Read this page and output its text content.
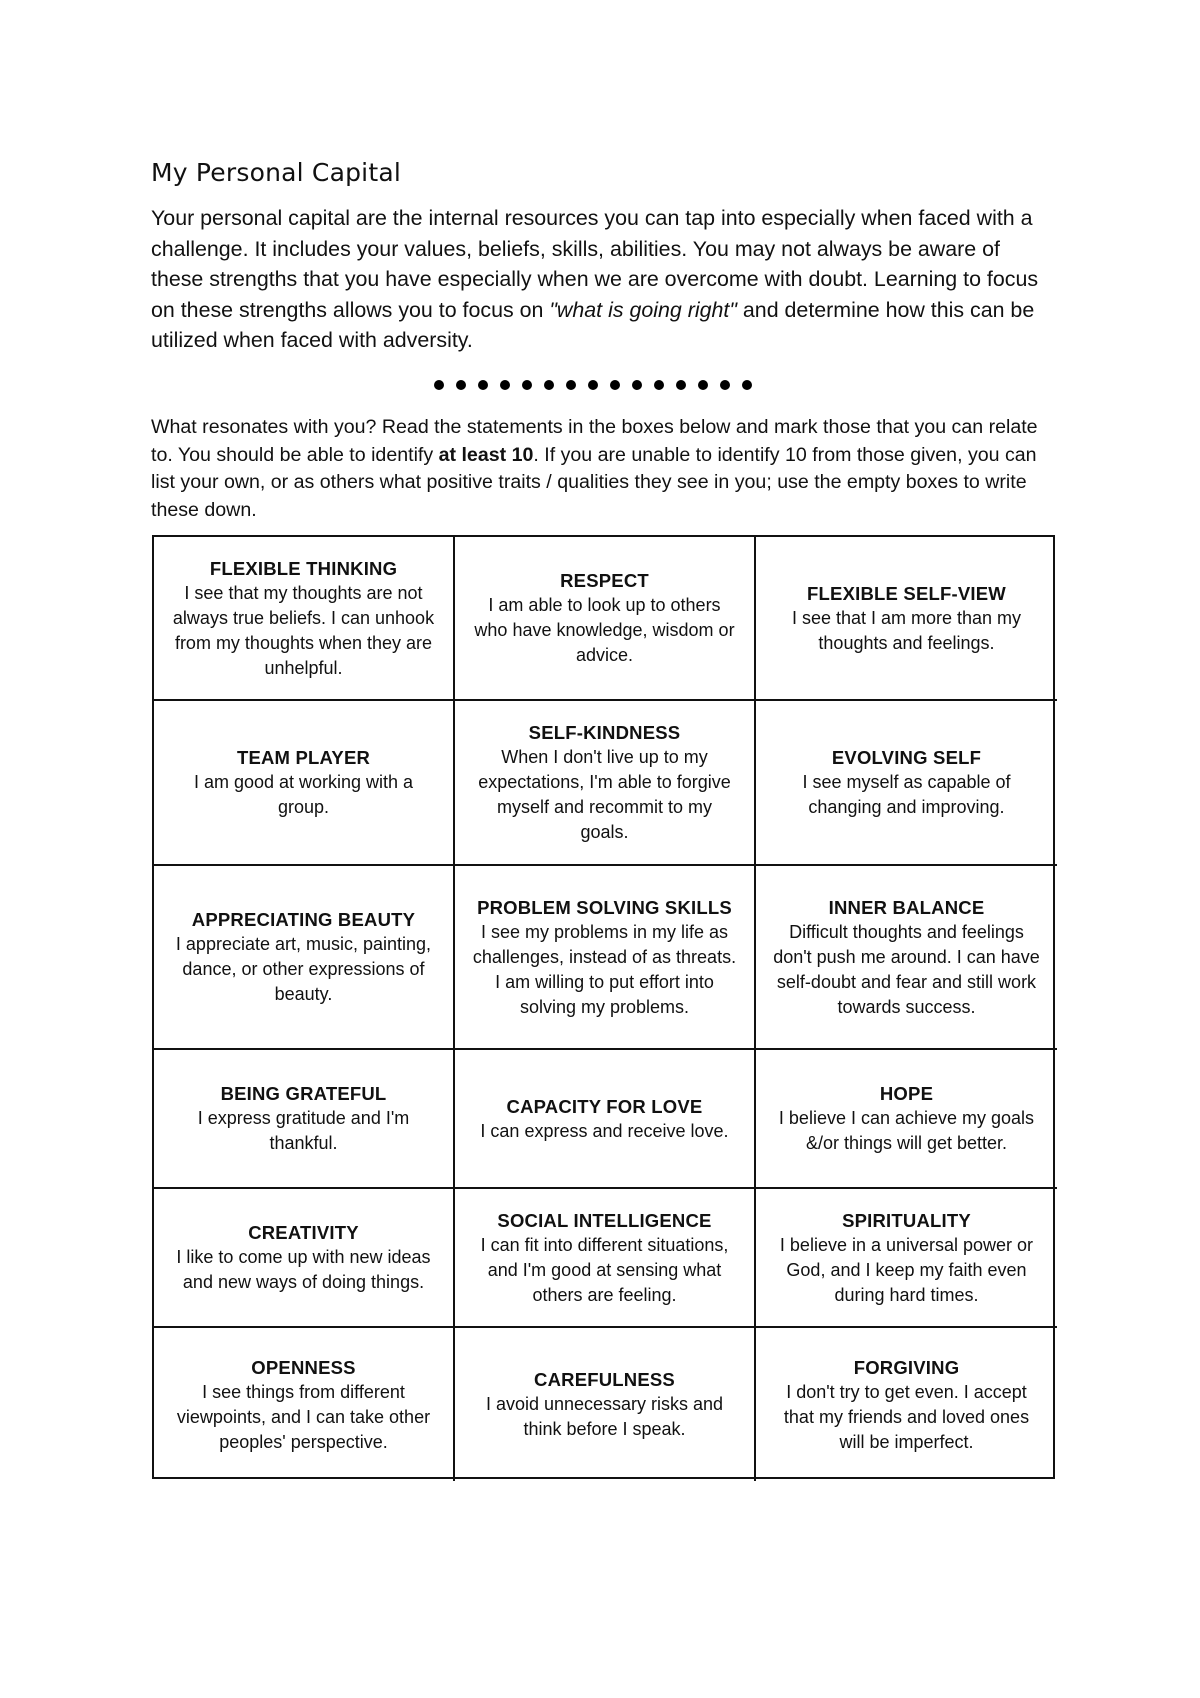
My Personal Capital

Your personal capital are the internal resources you can tap into especially when faced with a challenge. It includes your values, beliefs, skills, abilities. You may not always be aware of these strengths that you have especially when we are overcome with doubt. Learning to focus on these strengths allows you to focus on "what is going right" and determine how this can be utilized when faced with adversity.

What resonates with you? Read the statements in the boxes below and mark those that you can relate to. You should be able to identify at least 10. If you are unable to identify 10 from those given, you can list your own, or as others what positive traits / qualities they see in you; use the empty boxes to write these down.

FLEXIBLE THINKING
I see that my thoughts are not always true beliefs. I can unhook from my thoughts when they are unhelpful.
RESPECT
I am able to look up to others who have knowledge, wisdom or advice.
FLEXIBLE SELF-VIEW
I see that I am more than my thoughts and feelings.
TEAM PLAYER
I am good at working with a group.
SELF-KINDNESS
When I don't live up to my expectations, I'm able to forgive myself and recommit to my goals.
EVOLVING SELF
I see myself as capable of changing and improving.
APPRECIATING BEAUTY
I appreciate art, music, painting, dance, or other expressions of beauty.
PROBLEM SOLVING SKILLS
I see my problems in my life as challenges, instead of as threats. I am willing to put effort into solving my problems.
INNER BALANCE
Difficult thoughts and feelings don't push me around. I can have self-doubt and fear and still work towards success.
BEING GRATEFUL
I express gratitude and I'm thankful.
CAPACITY FOR LOVE
I can express and receive love.
HOPE
I believe I can achieve my goals &/or things will get better.
CREATIVITY
I like to come up with new ideas and new ways of doing things.
SOCIAL INTELLIGENCE
I can fit into different situations, and I'm good at sensing what others are feeling.
SPIRITUALITY
I believe in a universal power or God, and I keep my faith even during hard times.
OPENNESS
I see things from different viewpoints, and I can take other peoples' perspective.
CAREFULNESS
I avoid unnecessary risks and think before I speak.
FORGIVING
I don't try to get even. I accept that my friends and loved ones will be imperfect.
